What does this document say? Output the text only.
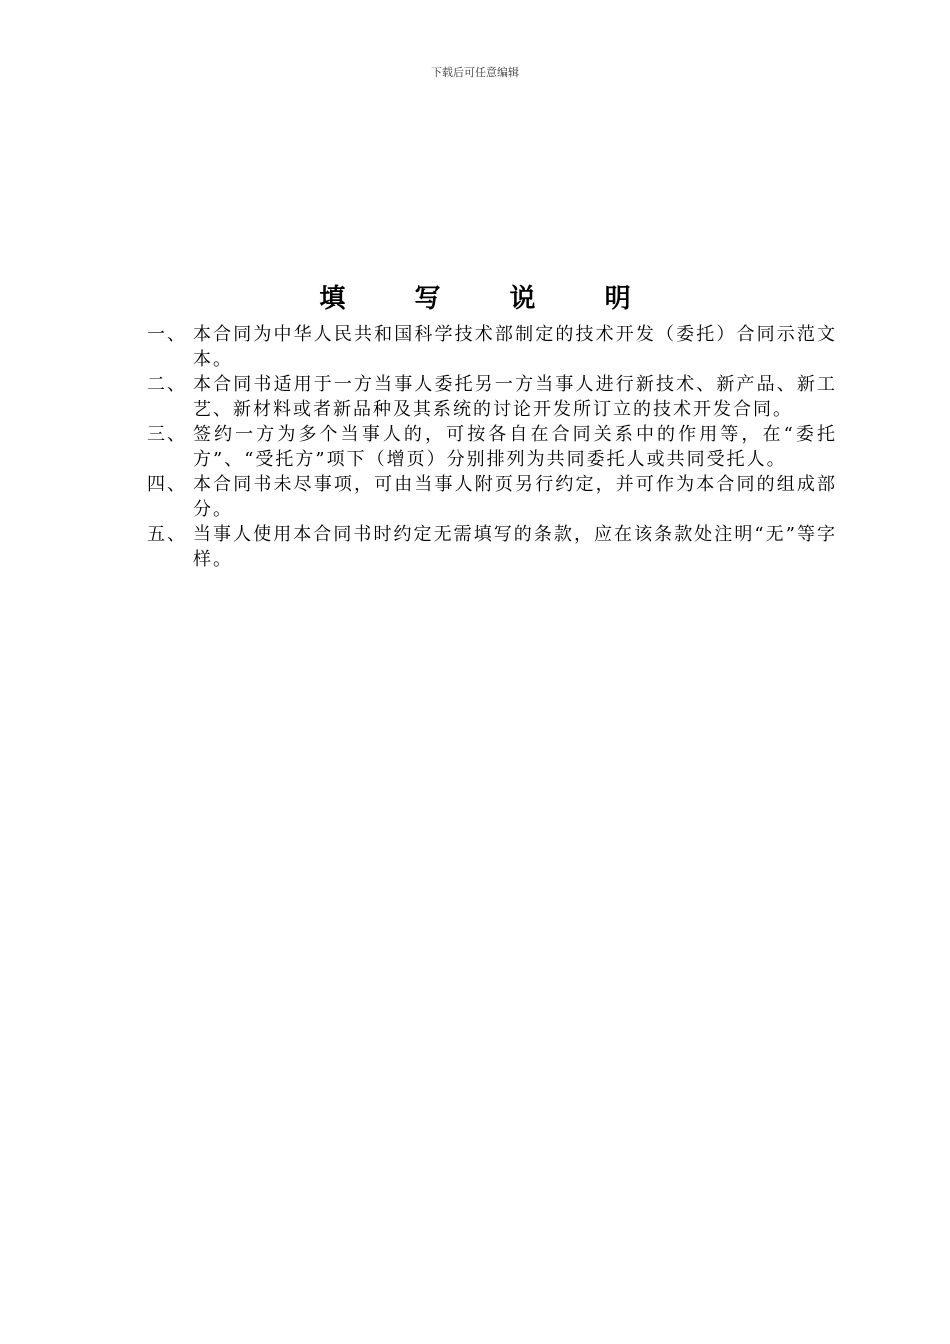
下载后可任意编辑
填 写 说 明
一、 本合同为中华人民共和国科学技术部制定的技术开发（委托）合同示范文本。
二、 本合同书适用于一方当事人委托另一方当事人进行新技术、新产品、新工艺、新材料或者新品种及其系统的讨论开发所订立的技术开发合同。
三、 签约一方为多个当事人的，可按各自在合同关系中的作用等，在“委托方”、“受托方”项下（增页）分别排列为共同委托人或共同受托人。
四、 本合同书未尽事项，可由当事人附页另行约定，并可作为本合同的组成部分。
五、 当事人使用本合同书时约定无需填写的条款，应在该条款处注明“无”等字样。
